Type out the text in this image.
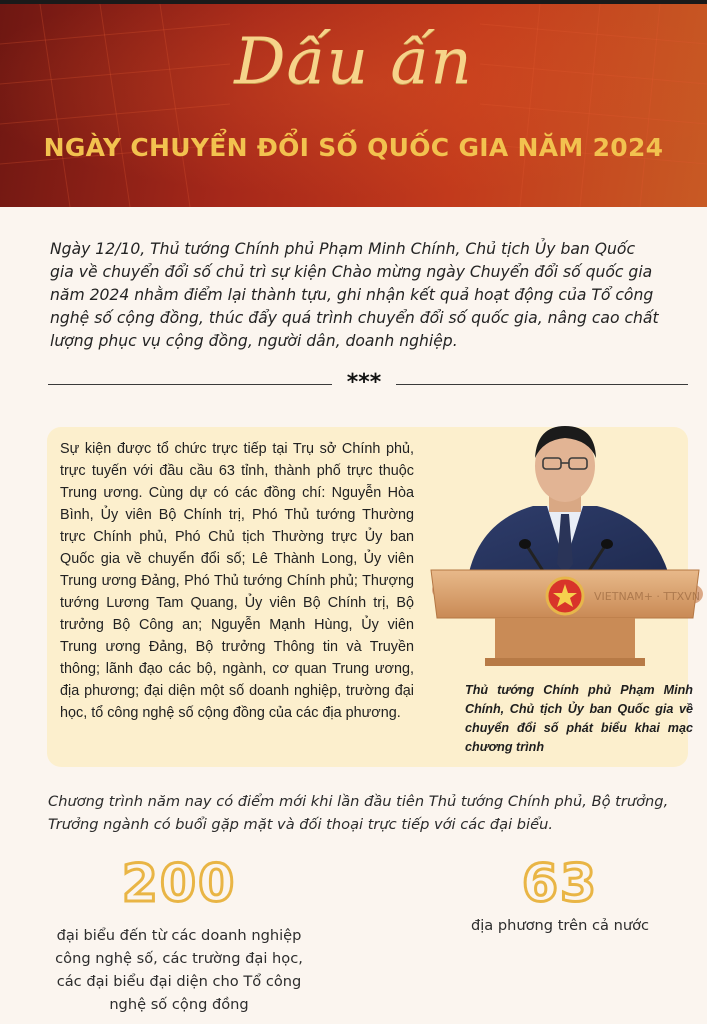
Dấu ấn
NGÀY CHUYỂN ĐỔI SỐ QUỐC GIA NĂM 2024

Ngày 12/10, Thủ tướng Chính phủ Phạm Minh Chính, Chủ tịch Ủy ban Quốc gia về chuyển đổi số chủ trì sự kiện Chào mừng ngày Chuyển đổi số quốc gia năm 2024 nhằm điểm lại thành tựu, ghi nhận kết quả hoạt động của Tổ công nghệ số cộng đồng, thúc đẩy quá trình chuyển đổi số quốc gia, nâng cao chất lượng phục vụ cộng đồng, người dân, doanh nghiệp.

***

Sự kiện được tổ chức trực tiếp tại Trụ sở Chính phủ, trực tuyến với đầu cầu 63 tỉnh, thành phố trực thuộc Trung ương. Cùng dự có các đồng chí: Nguyễn Hòa Bình, Ủy viên Bộ Chính trị, Phó Thủ tướng Thường trực Chính phủ, Phó Chủ tịch Thường trực Ủy ban Quốc gia về chuyển đổi số; Lê Thành Long, Ủy viên Trung ương Đảng, Phó Thủ tướng Chính phủ; Thượng tướng Lương Tam Quang, Ủy viên Bộ Chính trị, Bộ trưởng Bộ Công an; Nguyễn Mạnh Hùng, Ủy viên Trung ương Đảng, Bộ trưởng Thông tin và Truyền thông; lãnh đạo các bộ, ngành, cơ quan Trung ương, địa phương; đại diện một số doanh nghiệp, trường đại học, tổ công nghệ số cộng đồng của các địa phương.

VIETNAM+ · TTXVN

Thủ tướng Chính phủ Phạm Minh Chính, Chủ tịch Ủy ban Quốc gia về chuyển đổi số phát biểu khai mạc chương trình

Chương trình năm nay có điểm mới khi lần đầu tiên Thủ tướng Chính phủ, Bộ trưởng, Trưởng ngành có buổi gặp mặt và đối thoại trực tiếp với các đại biểu.

200

đại biểu đến từ các doanh nghiệp công nghệ số, các trường đại học, các đại biểu đại diện cho Tổ công nghệ số cộng đồng

63

địa phương trên cả nước
